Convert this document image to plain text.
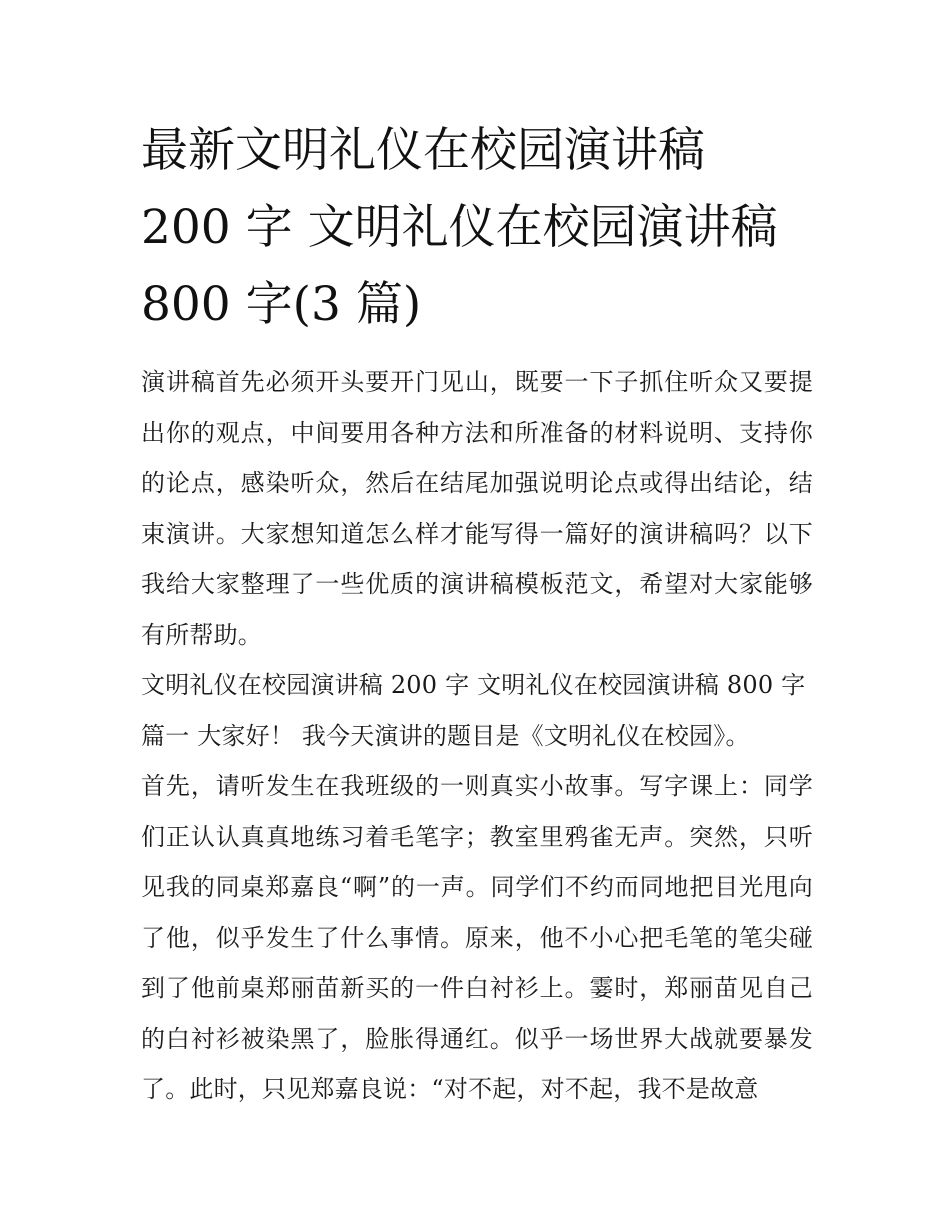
最新文明礼仪在校园演讲稿
200 字 文明礼仪在校园演讲稿
800 字(3 篇)

演讲稿首先必须开头要开门见山，既要一下子抓住听众又要提出你的观点，中间要用各种方法和所准备的材料说明、支持你的论点，感染听众，然后在结尾加强说明论点或得出结论，结束演讲。大家想知道怎么样才能写得一篇好的演讲稿吗？以下我给大家整理了一些优质的演讲稿模板范文，希望对大家能够有所帮助。

文明礼仪在校园演讲稿 200 字 文明礼仪在校园演讲稿 800 字

篇一 大家好！ 我今天演讲的题目是《文明礼仪在校园》。

首先，请听发生在我班级的一则真实小故事。写字课上：同学们正认认真真地练习着毛笔字；教室里鸦雀无声。突然，只听见我的同桌郑嘉良“啊”的一声。同学们不约而同地把目光甩向了他，似乎发生了什么事情。原来，他不小心把毛笔的笔尖碰到了他前桌郑丽苗新买的一件白衬衫上。霎时，郑丽苗见自己的白衬衫被染黑了，脸胀得通红。似乎一场世界大战就要暴发了。此时，只见郑嘉良说：“对不起，对不起，我不是故意
